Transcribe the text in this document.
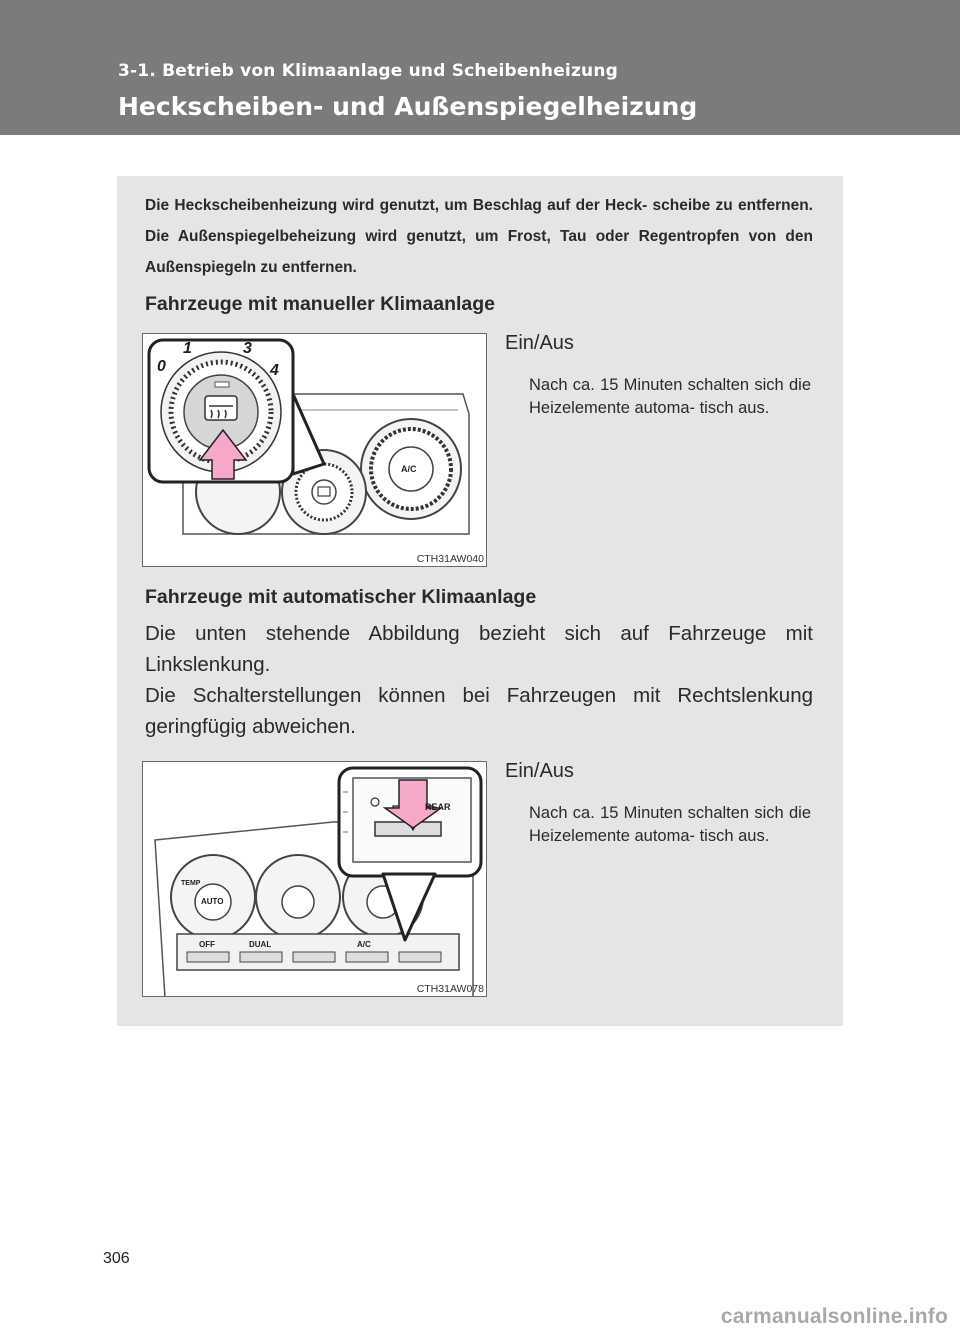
3-1. Betrieb von Klimaanlage und Scheibenheizung
Heckscheiben- und Außenspiegelheizung

Die Heckscheibenheizung wird genutzt, um Beschlag auf der Heck- scheibe zu entfernen. Die Außenspiegelbeheizung wird genutzt, um Frost, Tau oder Regentropfen von den Außenspiegeln zu entfernen.

Fahrzeuge mit manueller Klimaanlage

0
1	3
4
A/C
CTH31AW040

Ein/Aus

Nach ca. 15 Minuten schalten sich die Heizelemente automa- tisch aus.

Fahrzeuge mit automatischer Klimaanlage

Die unten stehende Abbildung bezieht sich auf Fahrzeuge mit Linkslenkung.

Die Schalterstellungen können bei Fahrzeugen mit Rechtslenkung geringfügig abweichen.

REAR
TEMP
AUTO
OFF	DUAL	A/C
CTH31AW078

Ein/Aus

Nach ca. 15 Minuten schalten sich die Heizelemente automa- tisch aus.

306
carmanualsonline.info
